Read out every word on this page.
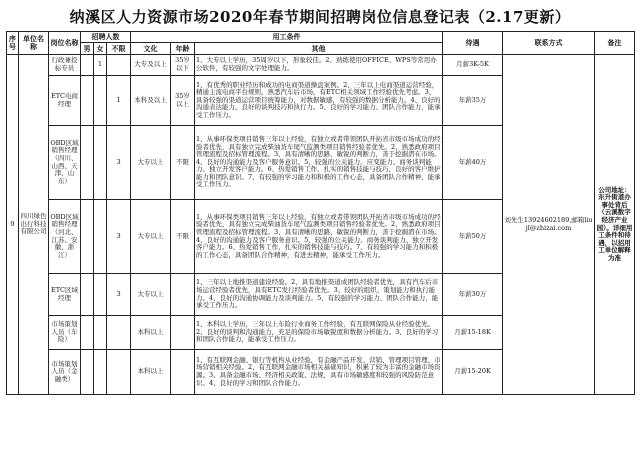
纳溪区人力资源市场2020年春节期间招聘岗位信息登记表（2.17更新）
序号	单位名称	岗位名称	招聘人数			用工条件			待遇	联系方式	备注
			男	女	不限	文化	年龄	其他			

9	四川绿色出行科技有限公司	行政兼投标专员		1		大专及以上	35岁以下	1、大专以上学历，35周岁以下，形象较佳。2、熟练使用OFFICE、WPS等常用办公软件，有较强的文字处理能力。	月薪3K-5K	刘先生13924602189,邮箱liujl@zhizai.com	公司地址：东升街道办事处背后（云溪数字经济产业园）。详细用工条件和待遇，以招用工单位解释为准
		ETC电商经理			1	本科及以上	35岁以上	1、有优秀的职业经历和成功的电商渠道操盘案例。2、三年以上电商渠道运营经验，精通主流电商平台规则，熟悉汽车后市场，有ETC相关领域工作经验优先考虑。3、具备较强的渠道运营项目统筹能力，对数据敏感，有较强的数据分析能力。4、良好的沟通表达能力，良好的谈判技巧和执行力。5、良好的学习能力、团队合作能力，能承受工作压力。	年薪35万		
		OBD区域销售经理（四川、山西、天津、山东）			3	大专以上	不限	1、从事环保类项目销售三年以上经验，有独立或者带领团队开拓省市级市场成功的经验者优先，具有独立完成柴油货车尾气监测类项目销售经验者优先。2、熟悉政府项目管理流程及招标管理流程。3、具有清晰的思路、敏锐的判断力，善于挖掘潜在市场。4、良好的沟通能力及客户服务意识。5、较强的公关能力、应变能力、商务谈判能力、独立开发客户能力。6、热爱销售工作，扎实的销售技能与技巧，良好的客户维护能力和团队意识。7、有较强的学习能力和积极的工作心态，具备团队合作精神，能承受工作压力。	年薪40万		
		OBD区域销售经理（河北、江苏、安徽、浙江）			3	大专以上	不限	1、从事环保类项目销售三年以上经验，有独立或者带领团队开拓省市级市场成功的经验者优先，具有独立完成柴油货车尾气监测类项目销售经验者优先。2、熟悉政府项目管理流程及招标管理流程。3、具有清晰的思路、敏锐的判断力，善于挖掘潜在市场。4、良好的沟通能力及客户服务意识。5、较强的公关能力、商务谈判能力、独立开发客户能力。6、热爱销售工作，扎实的销售技能与技巧。7、有较强的学习能力和积极的工作心态，具备团队合作精神，有进去精神，能承受工作压力。	年薪50万		
		ETC区域经理			3	大专以上		1、三年以上地推渠道建设经验。2、具有地推渠道成团队经验者优先，具有汽车后市场运营经验者优先，具有ETC发行经验者优先。3、较好的组织、策划能力和执行能力。4、良好的沟通协调能力及谈判能力。5、有较强的学习能力、团队合作能力，能承受工作压力。	年薪30万		
		市场策划人员（车险）				本科以上		1、本科以上学历，三年以上车险行业商务工作经验，有互联网保险从业经验优先。2、良好的谈判和沟通能力，充足的保险市场敏锐度和数据分析能力。3、良好的学习和团队合作能力，能承受工作压力。	月薪15-18K		
		市场策划人员（金融类）				本科以上		1、有互联网金融、银行等机构从业经验，有金融产品开发、营销、管理项目管理、市场营销相关经验。2、有互联网金融市场相关基础知识，积累了较为丰富的金融市场资源。3、具备金融市场、经济相关政策、法规，具有市场敏感度和较强的风险防范意识。4、良好的学习和团队合作能力。	月薪15-20K		
